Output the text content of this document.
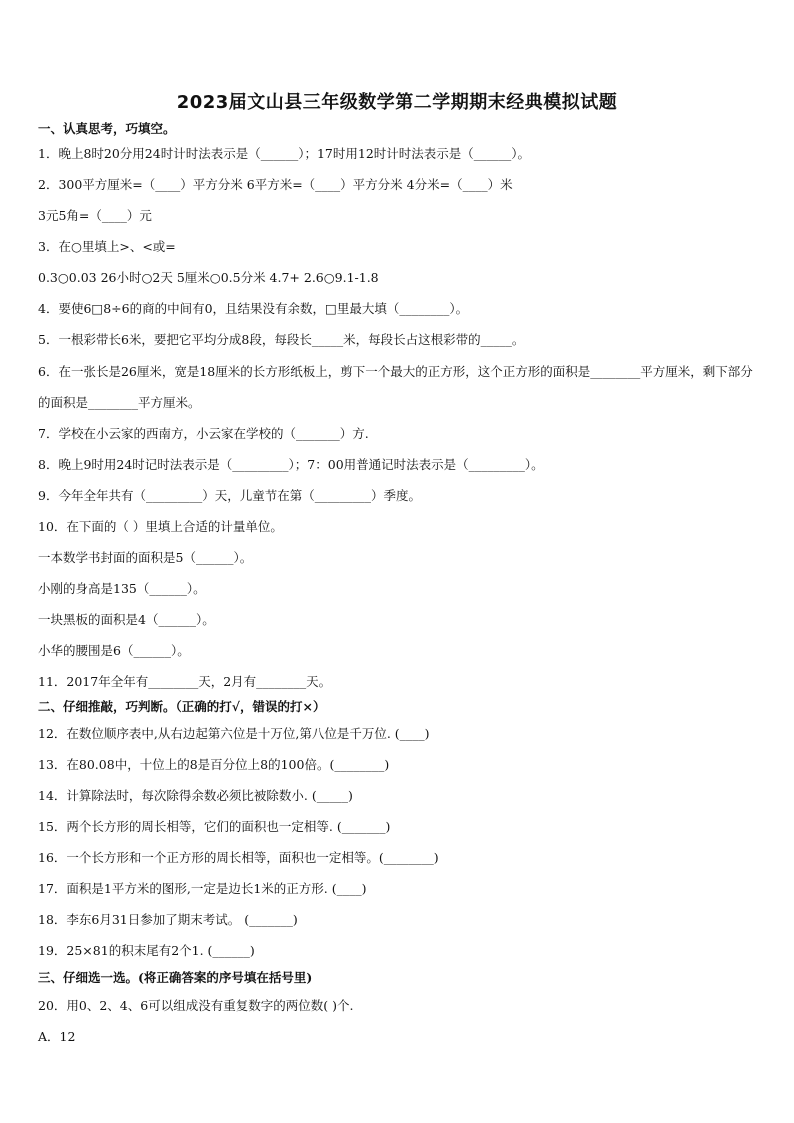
2023届文山县三年级数学第二学期期末经典模拟试题
一、认真思考，巧填空。
1．晚上8时20分用24时计时法表示是（______）；17时用12时计时法表示是（______）。
2．300平方厘米=（____）平方分米 6平方米=（____）平方分米 4分米=（____）米
3元5角=（____）元
3．在○里填上>、<或=
0.3○0.03 26小时○2天 5厘米○0.5分米 4.7+ 2.6○9.1-1.8
4．要使6□8÷6的商的中间有0，且结果没有余数，□里最大填（________）。
5．一根彩带长6米，要把它平均分成8段，每段长_____米，每段长占这根彩带的_____。
6．在一张长是26厘米，宽是18厘米的长方形纸板上，剪下一个最大的正方形，这个正方形的面积是________平方厘米，剩下部分的面积是________平方厘米。
7．学校在小云家的西南方，小云家在学校的（_______）方.
8．晚上9时用24时记时法表示是（_________）；7：00用普通记时法表示是（_________）。
9．今年全年共有（_________）天，儿童节在第（_________）季度。
10．在下面的（ ）里填上合适的计量单位。
一本数学书封面的面积是5（______）。
小刚的身高是135（______）。
一块黑板的面积是4（______）。
小华的腰围是6（______）。
11．2017年全年有________天，2月有________天。
二、仔细推敲，巧判断。（正确的打√，错误的打×）
12．在数位顺序表中,从右边起第六位是十万位,第八位是千万位. (____)
13．在80.08中，十位上的8是百分位上8的100倍。(________)
14．计算除法时，每次除得余数必须比被除数小. (_____)
15．两个长方形的周长相等，它们的面积也一定相等. (_______)
16．一个长方形和一个正方形的周长相等，面积也一定相等。(________)
17．面积是1平方米的图形,一定是边长1米的正方形. (____)
18．李东6月31日参加了期末考试。 (_______)
19．25×81的积末尾有2个1. (______)
三、仔细选一选。(将正确答案的序号填在括号里)
20．用0、2、4、6可以组成没有重复数字的两位数( )个.
A．12
